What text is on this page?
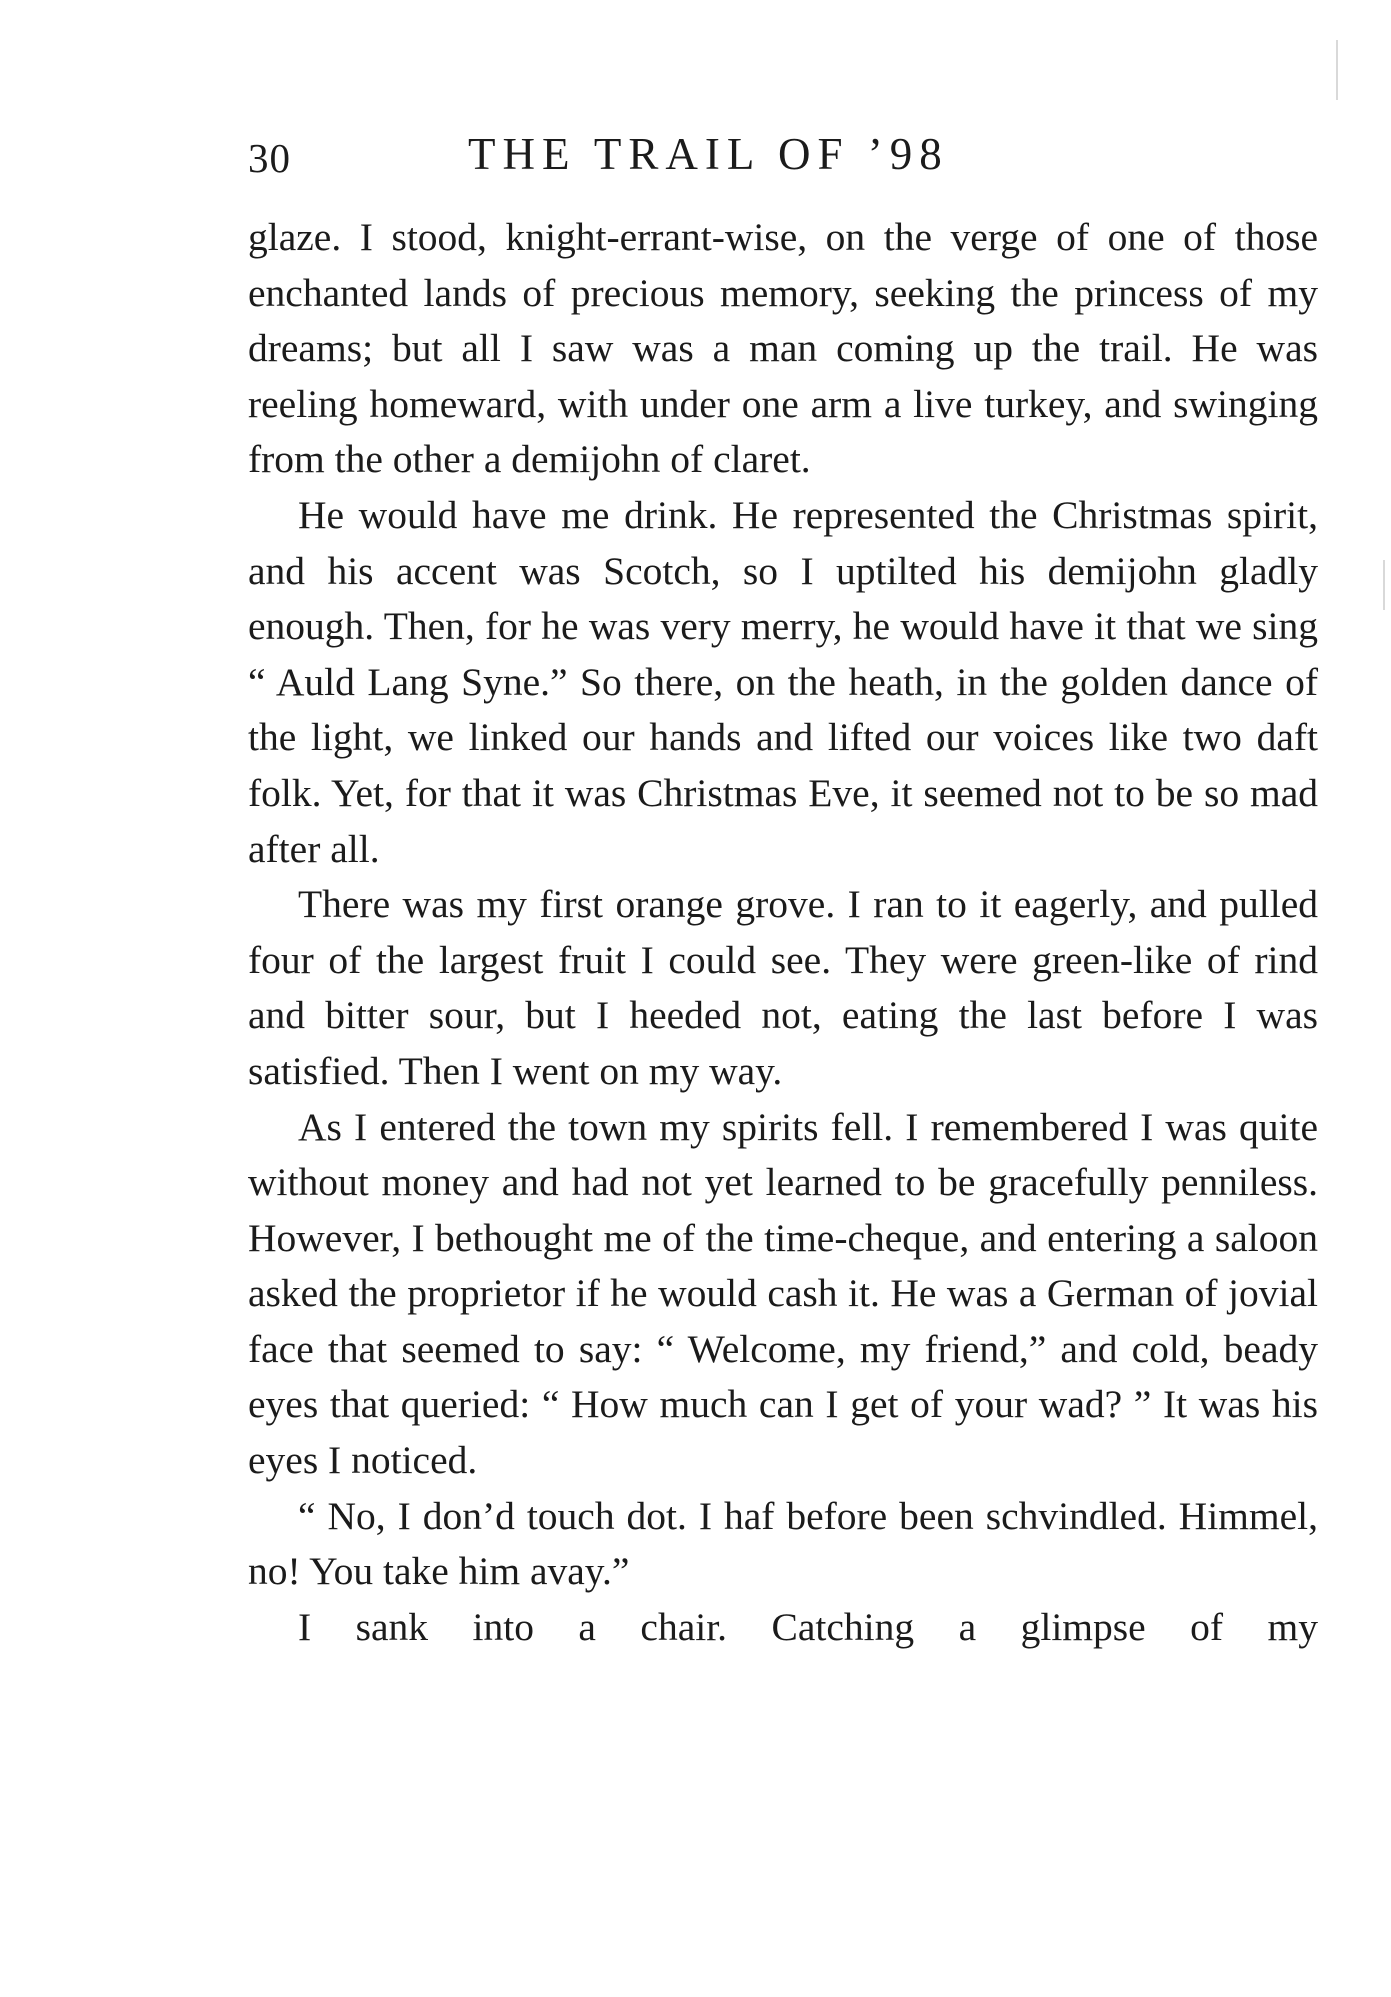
30	THE TRAIL OF ’98

glaze. I stood, knight-errant-wise, on the verge of one of those enchanted lands of precious memory, seeking the princess of my dreams; but all I saw was a man coming up the trail. He was reeling homeward, with under one arm a live turkey, and swinging from the other a demijohn of claret.

He would have me drink. He represented the Christmas spirit, and his accent was Scotch, so I uptilted his demijohn gladly enough. Then, for he was very merry, he would have it that we sing “ Auld Lang Syne.” So there, on the heath, in the golden dance of the light, we linked our hands and lifted our voices like two daft folk. Yet, for that it was Christmas Eve, it seemed not to be so mad after all.

There was my first orange grove. I ran to it eagerly, and pulled four of the largest fruit I could see. They were green-like of rind and bitter sour, but I heeded not, eating the last before I was satisfied. Then I went on my way.

As I entered the town my spirits fell. I remembered I was quite without money and had not yet learned to be gracefully penniless. However, I bethought me of the time-cheque, and entering a saloon asked the proprietor if he would cash it. He was a German of jovial face that seemed to say: “ Welcome, my friend,” and cold, beady eyes that queried: “ How much can I get of your wad? ” It was his eyes I noticed.

“ No, I don’d touch dot. I haf before been schvindled. Himmel, no! You take him avay.”

I sank into a chair. Catching a glimpse of my
